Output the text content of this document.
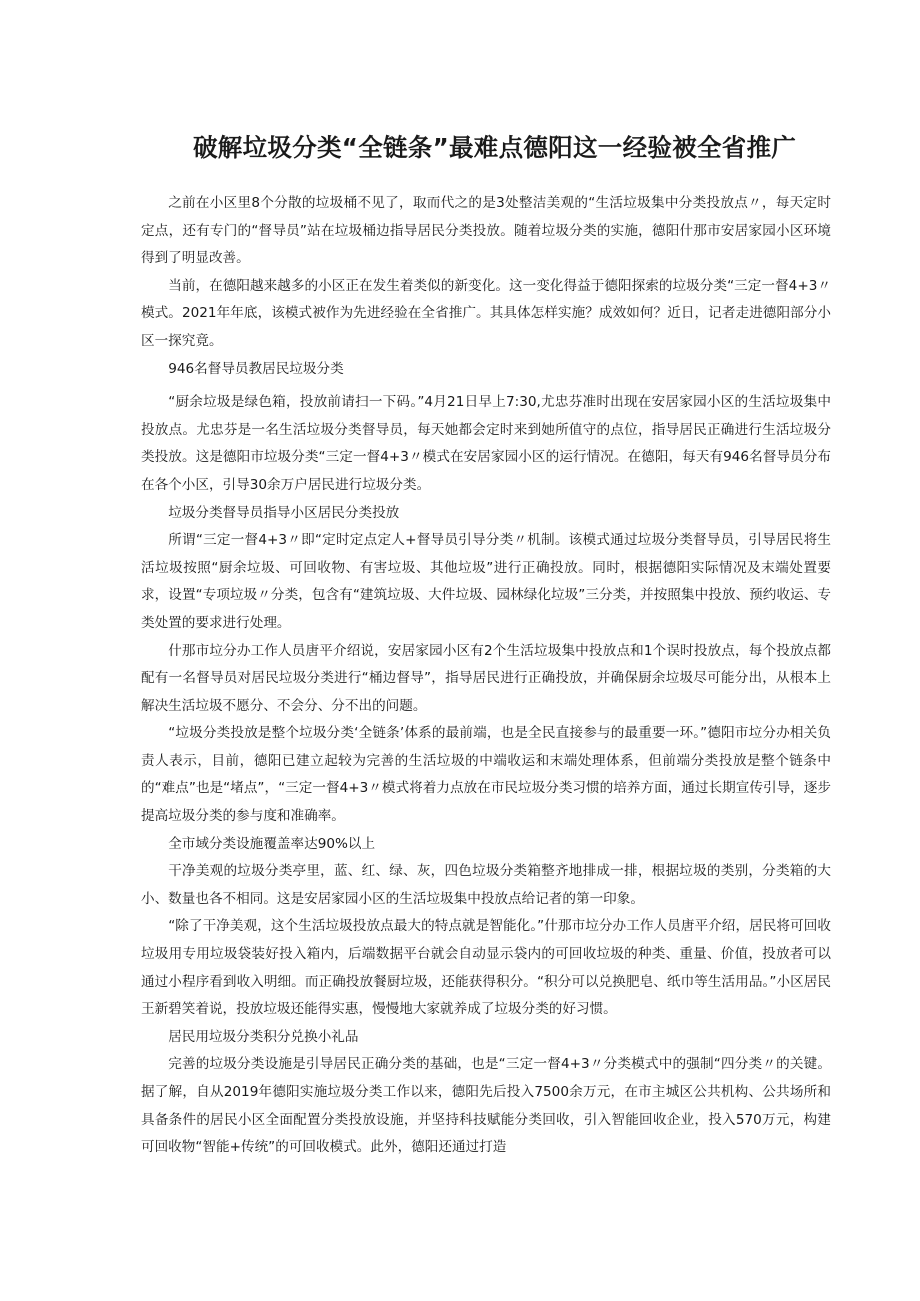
破解垃圾分类“全链条”最难点德阳这一经验被全省推广

之前在小区里8个分散的垃圾桶不见了，取而代之的是3处整洁美观的“生活垃圾集中分类投放点〃，每天定时定点，还有专门的“督导员”站在垃圾桶边指导居民分类投放。随着垃圾分类的实施，德阳什那市安居家园小区环境得到了明显改善。

当前，在德阳越来越多的小区正在发生着类似的新变化。这一变化得益于德阳探索的垃圾分类“三定一督4+3〃模式。2021年年底，该模式被作为先进经验在全省推广。其具体怎样实施？成效如何？近日，记者走进德阳部分小区一探究竟。

946名督导员教居民垃圾分类

“厨余垃圾是绿色箱，投放前请扫一下码。”4月21日早上7:30,尤忠芬准时出现在安居家园小区的生活垃圾集中投放点。尤忠芬是一名生活垃圾分类督导员，每天她都会定时来到她所值守的点位，指导居民正确进行生活垃圾分类投放。这是德阳市垃圾分类“三定一督4+3〃模式在安居家园小区的运行情况。在德阳，每天有946名督导员分布在各个小区，引导30余万户居民进行垃圾分类。

垃圾分类督导员指导小区居民分类投放

所谓“三定一督4+3〃即“定时定点定人+督导员引导分类〃机制。该模式通过垃圾分类督导员，引导居民将生活垃圾按照“厨余垃圾、可回收物、有害垃圾、其他垃圾”进行正确投放。同时，根据德阳实际情况及末端处置要求，设置“专项垃圾〃分类，包含有“建筑垃圾、大件垃圾、园林绿化垃圾”三分类，并按照集中投放、预约收运、专类处置的要求进行处理。

什那市垃分办工作人员唐平介绍说，安居家园小区有2个生活垃圾集中投放点和1个误时投放点，每个投放点都配有一名督导员对居民垃圾分类进行“桶边督导”，指导居民进行正确投放，并确保厨余垃圾尽可能分出，从根本上解决生活垃圾不愿分、不会分、分不出的问题。

“垃圾分类投放是整个垃圾分类‘全链条’体系的最前端，也是全民直接参与的最重要一环。”德阳市垃分办相关负责人表示，目前，德阳已建立起较为完善的生活垃圾的中端收运和末端处理体系，但前端分类投放是整个链条中的“难点”也是“堵点”，“三定一督4+3〃模式将着力点放在市民垃圾分类习惯的培养方面，通过长期宣传引导，逐步提高垃圾分类的参与度和准确率。

全市域分类设施覆盖率达90%以上

干净美观的垃圾分类亭里，蓝、红、绿、灰，四色垃圾分类箱整齐地排成一排，根据垃圾的类别，分类箱的大小、数量也各不相同。这是安居家园小区的生活垃圾集中投放点给记者的第一印象。

“除了干净美观，这个生活垃圾投放点最大的特点就是智能化。”什那市垃分办工作人员唐平介绍，居民将可回收垃圾用专用垃圾袋装好投入箱内，后端数据平台就会自动显示袋内的可回收垃圾的种类、重量、价值，投放者可以通过小程序看到收入明细。而正确投放餐厨垃圾，还能获得积分。“积分可以兑换肥皂、纸巾等生活用品。”小区居民王新碧笑着说，投放垃圾还能得实惠，慢慢地大家就养成了垃圾分类的好习惯。

居民用垃圾分类积分兑换小礼品

完善的垃圾分类设施是引导居民正确分类的基础，也是“三定一督4+3〃分类模式中的强制“四分类〃的关键。据了解，自从2019年德阳实施垃圾分类工作以来，德阳先后投入7500余万元，在市主城区公共机构、公共场所和具备条件的居民小区全面配置分类投放设施，并坚持科技赋能分类回收，引入智能回收企业，投入570万元，构建可回收物“智能+传统”的可回收模式。此外，德阳还通过打造
